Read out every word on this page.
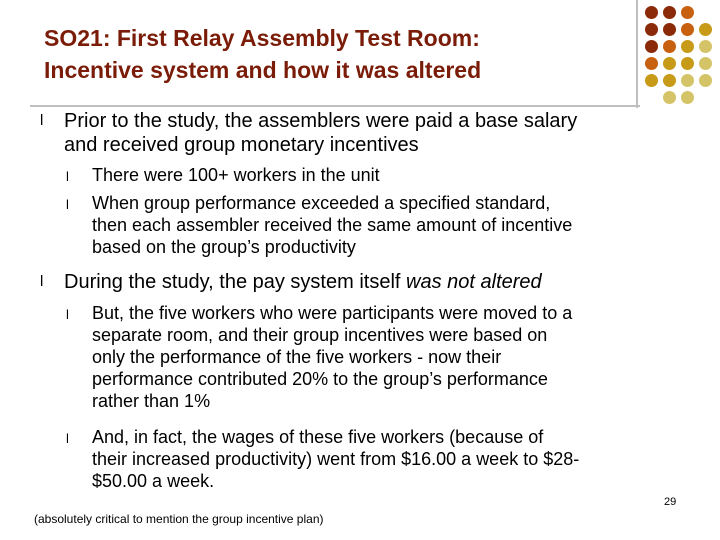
SO21: First Relay Assembly Test Room:
Incentive system and how it was altered
l Prior to the study, the assemblers were paid a base salary
and received group monetary incentives
l There were 100+ workers in the unit
l When group performance exceeded a specified standard,
then each assembler received the same amount of incentive
based on the group’s productivity
l During the study, the pay system itself was not altered
l But, the five workers who were participants were moved to a
separate room, and their group incentives were based on
only the performance of the five workers - now their
performance contributed 20% to the group’s performance
rather than 1%
l And, in fact, the wages of these five workers (because of
their increased productivity) went from $16.00 a week to $28-
$50.00 a week.
29
(absolutely critical to mention the group incentive plan)
